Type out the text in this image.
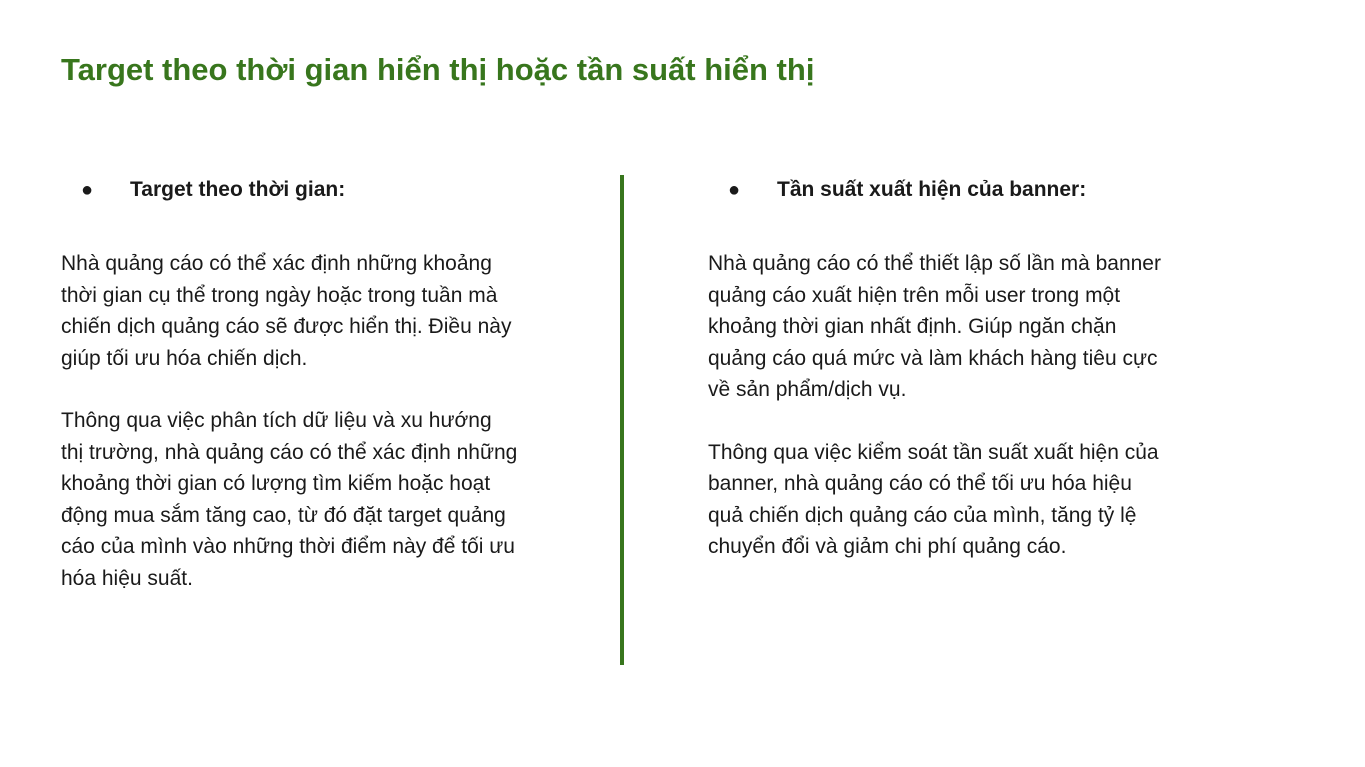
Target theo thời gian hiển thị hoặc tần suất hiển thị
● Target theo thời gian:

Nhà quảng cáo có thể xác định những khoảng
thời gian cụ thể trong ngày hoặc trong tuần mà
chiến dịch quảng cáo sẽ được hiển thị. Điều này
giúp tối ưu hóa chiến dịch.

Thông qua việc phân tích dữ liệu và xu hướng
thị trường, nhà quảng cáo có thể xác định những
khoảng thời gian có lượng tìm kiếm hoặc hoạt
động mua sắm tăng cao, từ đó đặt target quảng
cáo của mình vào những thời điểm này để tối ưu
hóa hiệu suất.

● Tần suất xuất hiện của banner:

Nhà quảng cáo có thể thiết lập số lần mà banner
quảng cáo xuất hiện trên mỗi user trong một
khoảng thời gian nhất định. Giúp ngăn chặn
quảng cáo quá mức và làm khách hàng tiêu cực
về sản phẩm/dịch vụ.

Thông qua việc kiểm soát tần suất xuất hiện của
banner, nhà quảng cáo có thể tối ưu hóa hiệu
quả chiến dịch quảng cáo của mình, tăng tỷ lệ
chuyển đổi và giảm chi phí quảng cáo.
